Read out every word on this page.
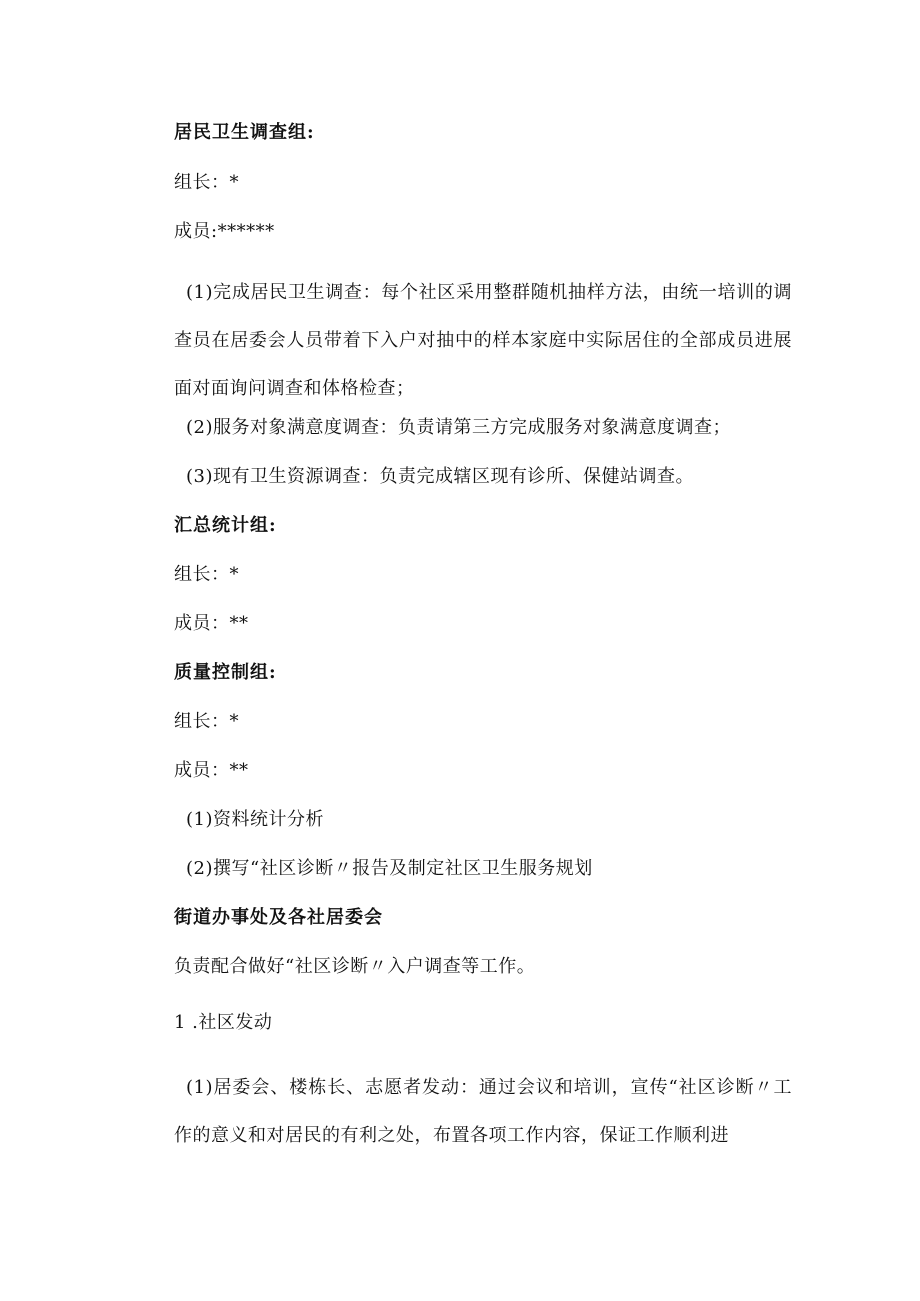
居民卫生调查组:
组长：*
成员:******
(1)完成居民卫生调查：每个社区采用整群随机抽样方法，由统一培训的调查员在居委会人员带着下入户对抽中的样本家庭中实际居住的全部成员进展面对面询问调查和体格检查；
(2)服务对象满意度调查：负责请第三方完成服务对象满意度调查；
(3)现有卫生资源调查：负责完成辖区现有诊所、保健站调查。
汇总统计组:
组长：*
成员：**
质量控制组:
组长：*
成员：**
(1)资料统计分析
(2)撰写“社区诊断〃报告及制定社区卫生服务规划
街道办事处及各社居委会
负责配合做好“社区诊断〃入户调查等工作。
1 .社区发动
(1)居委会、楼栋长、志愿者发动：通过会议和培训，宣传“社区诊断〃工作的意义和对居民的有利之处，布置各项工作内容，保证工作顺利进
